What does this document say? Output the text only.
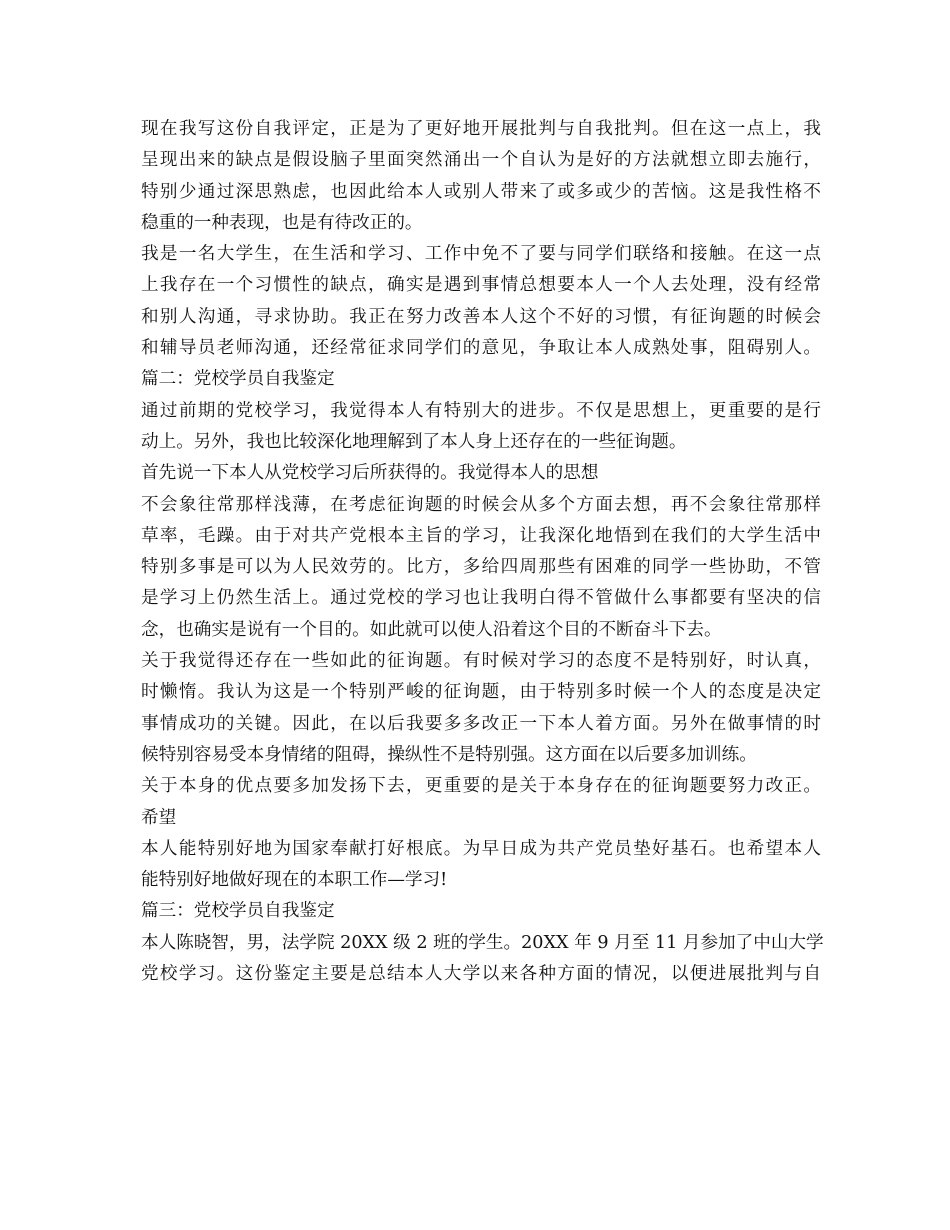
现在我写这份自我评定，正是为了更好地开展批判与自我批判。但在这一点上，我
呈现出来的缺点是假设脑子里面突然涌出一个自认为是好的方法就想立即去施行，
特别少通过深思熟虑，也因此给本人或别人带来了或多或少的苦恼。这是我性格不
稳重的一种表现，也是有待改正的。
我是一名大学生，在生活和学习、工作中免不了要与同学们联络和接触。在这一点
上我存在一个习惯性的缺点，确实是遇到事情总想要本人一个人去处理，没有经常
和别人沟通，寻求协助。我正在努力改善本人这个不好的习惯，有征询题的时候会
和辅导员老师沟通，还经常征求同学们的意见，争取让本人成熟处事，阻碍别人。
篇二：党校学员自我鉴定
通过前期的党校学习，我觉得本人有特别大的进步。不仅是思想上，更重要的是行
动上。另外，我也比较深化地理解到了本人身上还存在的一些征询题。
首先说一下本人从党校学习后所获得的。我觉得本人的思想
不会象往常那样浅薄，在考虑征询题的时候会从多个方面去想，再不会象往常那样
草率，毛躁。由于对共产党根本主旨的学习，让我深化地悟到在我们的大学生活中
特别多事是可以为人民效劳的。比方，多给四周那些有困难的同学一些协助，不管
是学习上仍然生活上。通过党校的学习也让我明白得不管做什么事都要有坚决的信
念，也确实是说有一个目的。如此就可以使人沿着这个目的不断奋斗下去。
关于我觉得还存在一些如此的征询题。有时候对学习的态度不是特别好，时认真，
时懒惰。我认为这是一个特别严峻的征询题，由于特别多时候一个人的态度是决定
事情成功的关键。因此，在以后我要多多改正一下本人着方面。另外在做事情的时
候特别容易受本身情绪的阻碍，操纵性不是特别强。这方面在以后要多加训练。
关于本身的优点要多加发扬下去，更重要的是关于本身存在的征询题要努力改正。
希望
本人能特别好地为国家奉献打好根底。为早日成为共产党员垫好基石。也希望本人
能特别好地做好现在的本职工作—学习!
篇三：党校学员自我鉴定
本人陈晓智，男，法学院 20XX 级 2 班的学生。20XX 年 9 月至 11 月参加了中山大学
党校学习。这份鉴定主要是总结本人大学以来各种方面的情况，以便进展批判与自
